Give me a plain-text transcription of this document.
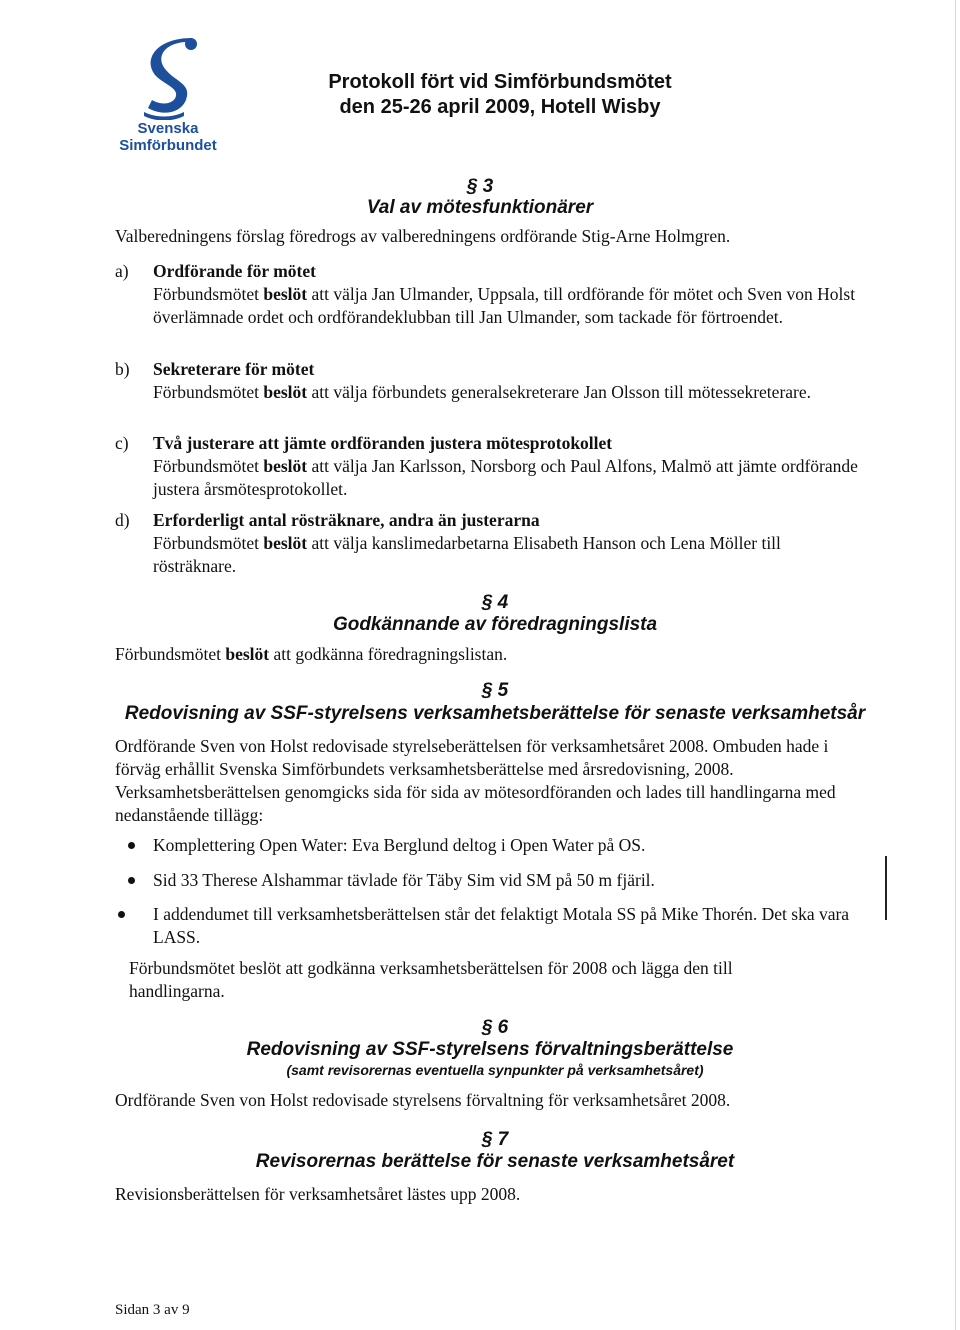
Svenska
Simförbundet
Protokoll fört vid Simförbundsmötet
den 25-26 april 2009, Hotell Wisby
§ 3
Val av mötesfunktionärer
Valberedningens förslag föredrogs av valberedningens ordförande Stig-Arne Holmgren.
a) Ordförande för mötet
Förbundsmötet beslöt att välja Jan Ulmander, Uppsala, till ordförande för mötet och Sven von Holst överlämnade ordet och ordförandeklubban till Jan Ulmander, som tackade för förtroendet.
b) Sekreterare för mötet
Förbundsmötet beslöt att välja förbundets generalsekreterare Jan Olsson till mötessekreterare.
c) Två justerare att jämte ordföranden justera mötesprotokollet
Förbundsmötet beslöt att välja Jan Karlsson, Norsborg och Paul Alfons, Malmö att jämte ordförande justera årsmötesprotokollet.
d) Erforderligt antal rösträknare, andra än justerarna
Förbundsmötet beslöt att välja kanslimedarbetarna Elisabeth Hanson och Lena Möller till rösträknare.
§ 4
Godkännande av föredragningslista
Förbundsmötet beslöt att godkänna föredragningslistan.
§ 5
Redovisning av SSF-styrelsens verksamhetsberättelse för senaste verksamhetsår
Ordförande Sven von Holst redovisade styrelseberättelsen för verksamhetsåret 2008. Ombuden hade i förväg erhållit Svenska Simförbundets verksamhetsberättelse med årsredovisning, 2008. Verksamhetsberättelsen genomgicks sida för sida av mötesordföranden och lades till handlingarna med nedanstående tillägg:
Komplettering Open Water: Eva Berglund deltog i Open Water på OS.
Sid 33 Therese Alshammar tävlade för Täby Sim vid SM på 50 m fjäril.
I addendumet till verksamhetsberättelsen står det felaktigt Motala SS på Mike Thorén. Det ska vara LASS.
Förbundsmötet beslöt att godkänna verksamhetsberättelsen för 2008 och lägga den till handlingarna.
§ 6
Redovisning av SSF-styrelsens förvaltningsberättelse
(samt revisorernas eventuella synpunkter på verksamhetsåret)
Ordförande Sven von Holst redovisade styrelsens förvaltning för verksamhetsåret 2008.
§ 7
Revisorernas berättelse för senaste verksamhetsåret
Revisionsberättelsen för verksamhetsåret lästes upp 2008.
Sidan 3 av 9
